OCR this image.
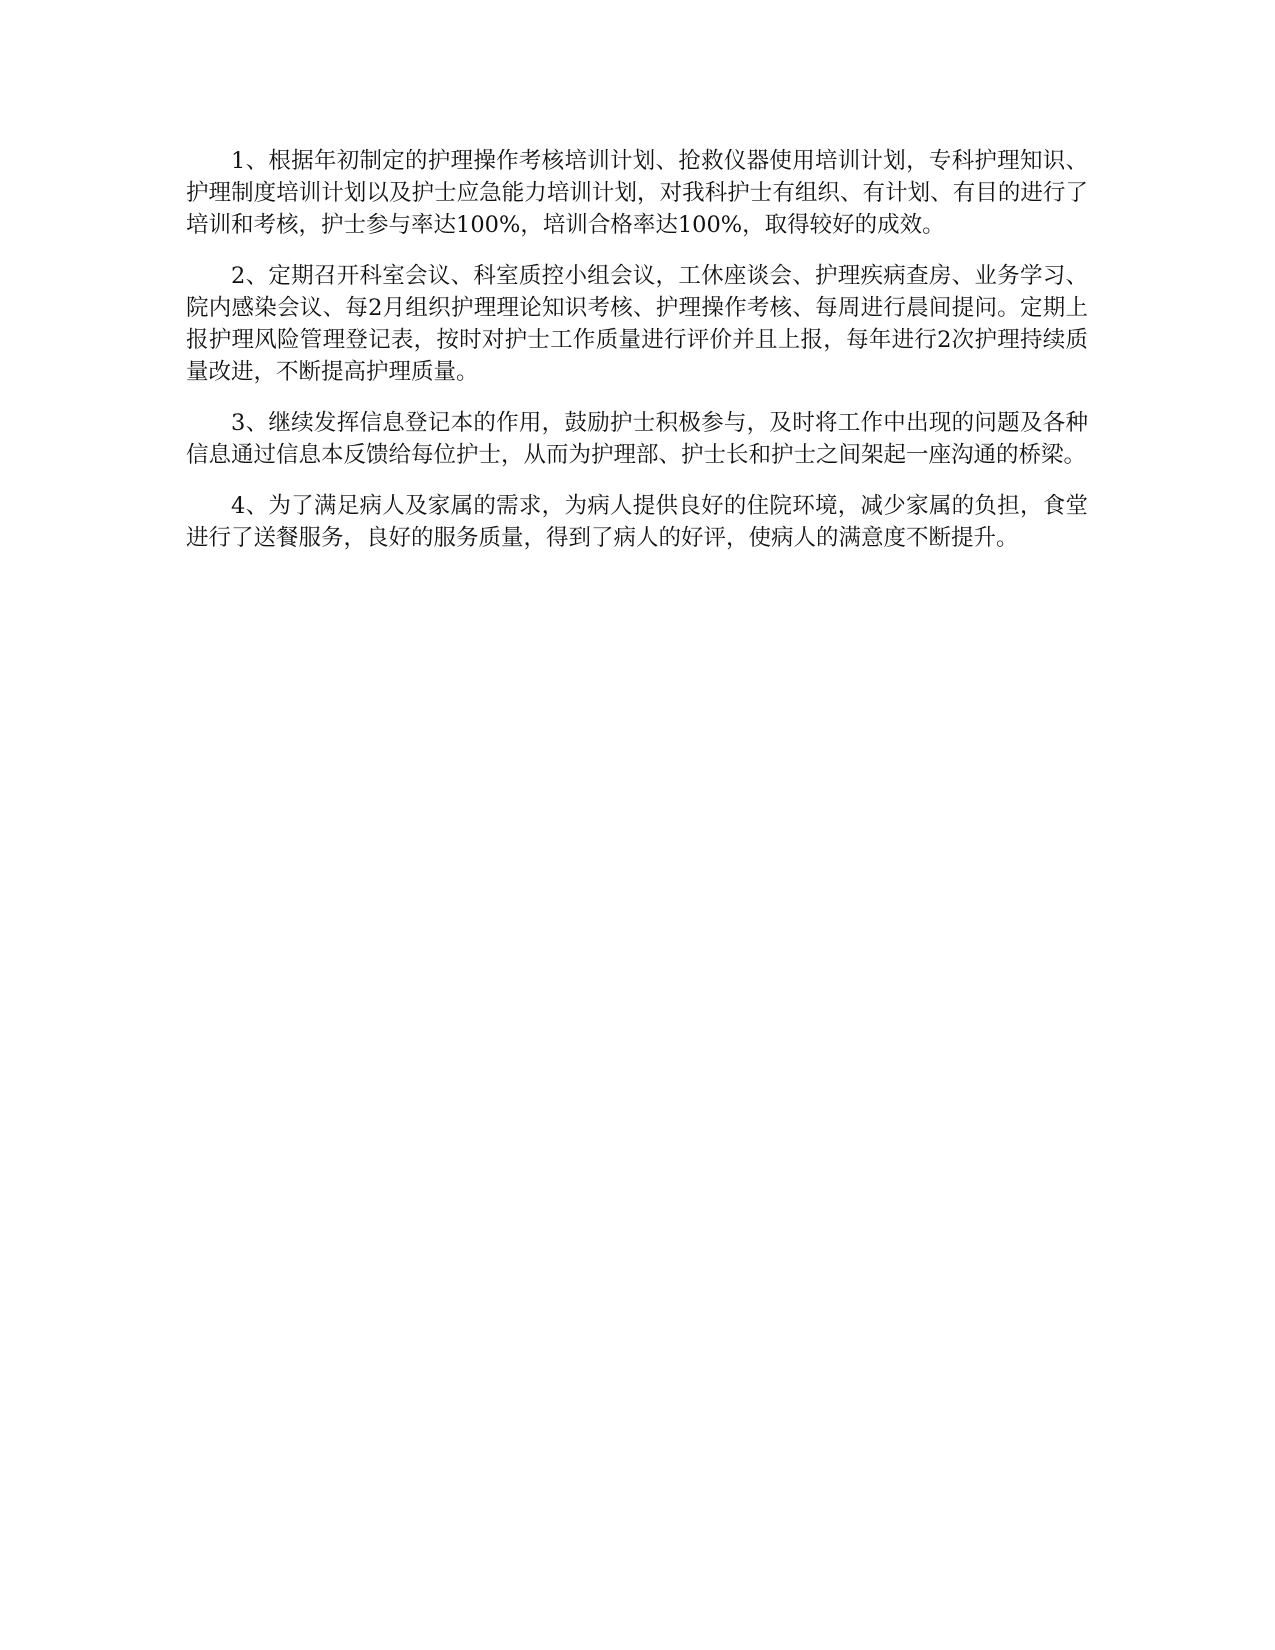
1、根据年初制定的护理操作考核培训计划、抢救仪器使用培训计划，专科护理知识、护理制度培训计划以及护士应急能力培训计划，对我科护士有组织、有计划、有目的进行了培训和考核，护士参与率达100%，培训合格率达100%，取得较好的成效。

2、定期召开科室会议、科室质控小组会议，工休座谈会、护理疾病查房、业务学习、院内感染会议、每2月组织护理理论知识考核、护理操作考核、每周进行晨间提问。定期上报护理风险管理登记表，按时对护士工作质量进行评价并且上报，每年进行2次护理持续质量改进，不断提高护理质量。

3、继续发挥信息登记本的作用，鼓励护士积极参与，及时将工作中出现的问题及各种信息通过信息本反馈给每位护士，从而为护理部、护士长和护士之间架起一座沟通的桥梁。

4、为了满足病人及家属的需求，为病人提供良好的住院环境，减少家属的负担，食堂进行了送餐服务，良好的服务质量，得到了病人的好评，使病人的满意度不断提升。
